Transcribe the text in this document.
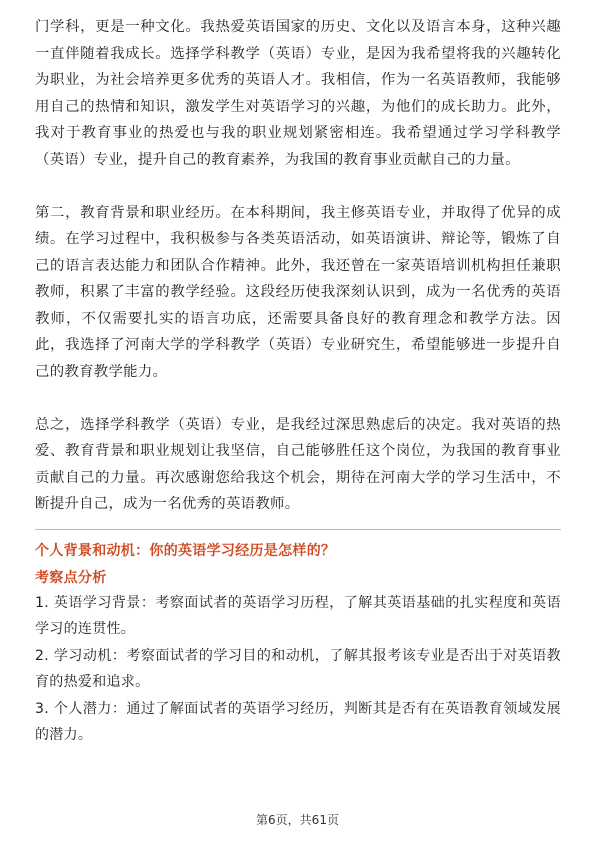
门学科，更是一种文化。我热爱英语国家的历史、文化以及语言本身，这种兴趣一直伴随着我成长。选择学科教学（英语）专业，是因为我希望将我的兴趣转化为职业，为社会培养更多优秀的英语人才。我相信，作为一名英语教师，我能够用自己的热情和知识，激发学生对英语学习的兴趣，为他们的成长助力。此外，我对于教育事业的热爱也与我的职业规划紧密相连。我希望通过学习学科教学（英语）专业，提升自己的教育素养，为我国的教育事业贡献自己的力量。

第二，教育背景和职业经历。在本科期间，我主修英语专业，并取得了优异的成绩。在学习过程中，我积极参与各类英语活动，如英语演讲、辩论等，锻炼了自己的语言表达能力和团队合作精神。此外，我还曾在一家英语培训机构担任兼职教师，积累了丰富的教学经验。这段经历使我深刻认识到，成为一名优秀的英语教师，不仅需要扎实的语言功底，还需要具备良好的教育理念和教学方法。因此，我选择了河南大学的学科教学（英语）专业研究生，希望能够进一步提升自己的教育教学能力。

总之，选择学科教学（英语）专业，是我经过深思熟虑后的决定。我对英语的热爱、教育背景和职业规划让我坚信，自己能够胜任这个岗位，为我国的教育事业贡献自己的力量。再次感谢您给我这个机会，期待在河南大学的学习生活中，不断提升自己，成为一名优秀的英语教师。

个人背景和动机：你的英语学习经历是怎样的？

考察点分析

1. 英语学习背景：考察面试者的英语学习历程，了解其英语基础的扎实程度和英语学习的连贯性。
2. 学习动机：考察面试者的学习目的和动机，了解其报考该专业是否出于对英语教育的热爱和追求。
3. 个人潜力：通过了解面试者的英语学习经历，判断其是否有在英语教育领域发展的潜力。
第6页，共61页
